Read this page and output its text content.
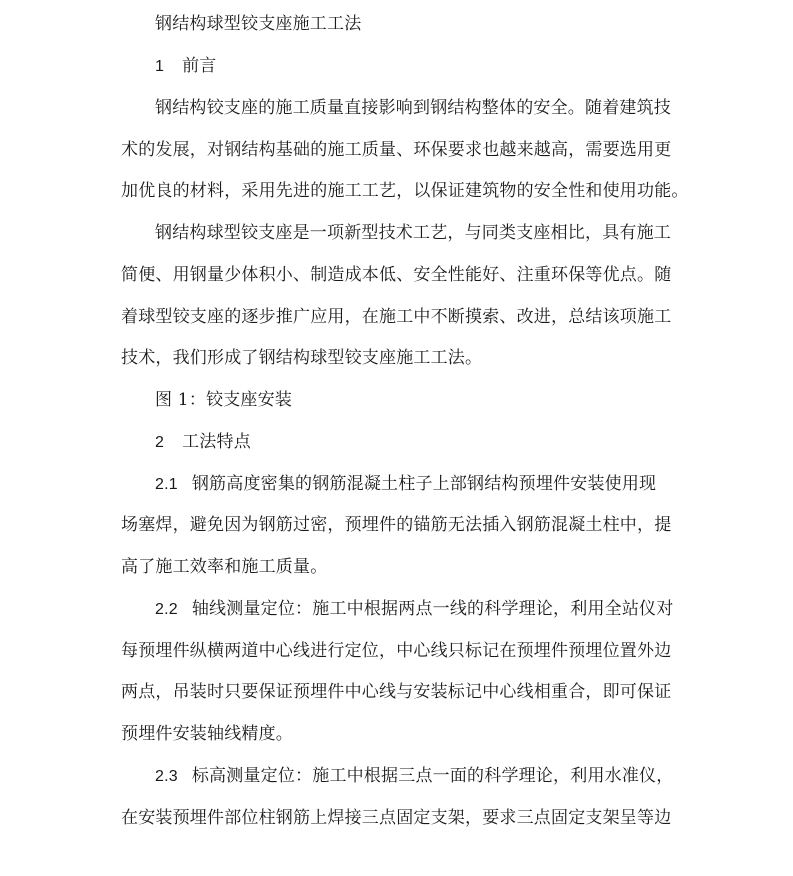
钢结构球型铰支座施工工法
1 前言
钢结构铰支座的施工质量直接影响到钢结构整体的安全。随着建筑技
术的发展，对钢结构基础的施工质量、环保要求也越来越高，需要选用更
加优良的材料，采用先进的施工工艺，以保证建筑物的安全性和使用功能。
钢结构球型铰支座是一项新型技术工艺，与同类支座相比，具有施工
简便、用钢量少体积小、制造成本低、安全性能好、注重环保等优点。随
着球型铰支座的逐步推广应用，在施工中不断摸索、改进，总结该项施工
技术，我们形成了钢结构球型铰支座施工工法。
图 1：铰支座安装
2 工法特点
2.1 钢筋高度密集的钢筋混凝土柱子上部钢结构预埋件安装使用现
场塞焊，避免因为钢筋过密，预埋件的锚筋无法插入钢筋混凝土柱中，提
高了施工效率和施工质量。
2.2 轴线测量定位：施工中根据两点一线的科学理论，利用全站仪对
每预埋件纵横两道中心线进行定位，中心线只标记在预埋件预埋位置外边
两点，吊装时只要保证预埋件中心线与安装标记中心线相重合，即可保证
预埋件安装轴线精度。
2.3 标高测量定位：施工中根据三点一面的科学理论，利用水准仪，
在安装预埋件部位柱钢筋上焊接三点固定支架，要求三点固定支架呈等边
